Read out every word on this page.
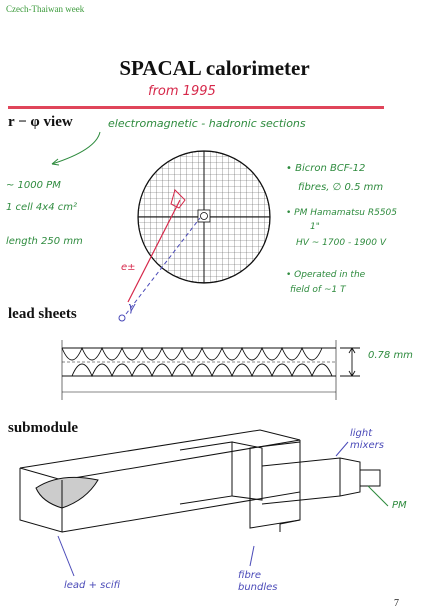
Czech-Thaiwan week
SPACAL calorimeter
from 1995
r − φ view	electromagnetic - hadronic sections
~ 1000 PM
1 cell 4x4 cm²
length 250 mm
• Bicron BCF-12
fibres, ∅ 0.5 mm
• PM Hamamatsu R5505
1"
HV ~ 1700 - 1900 V
• Operated in the
field of ~1 T
e±
γ
lead sheets
0.78 mm
submodule	light
mixers
PM
lead + scifi
fibre
bundles
7
